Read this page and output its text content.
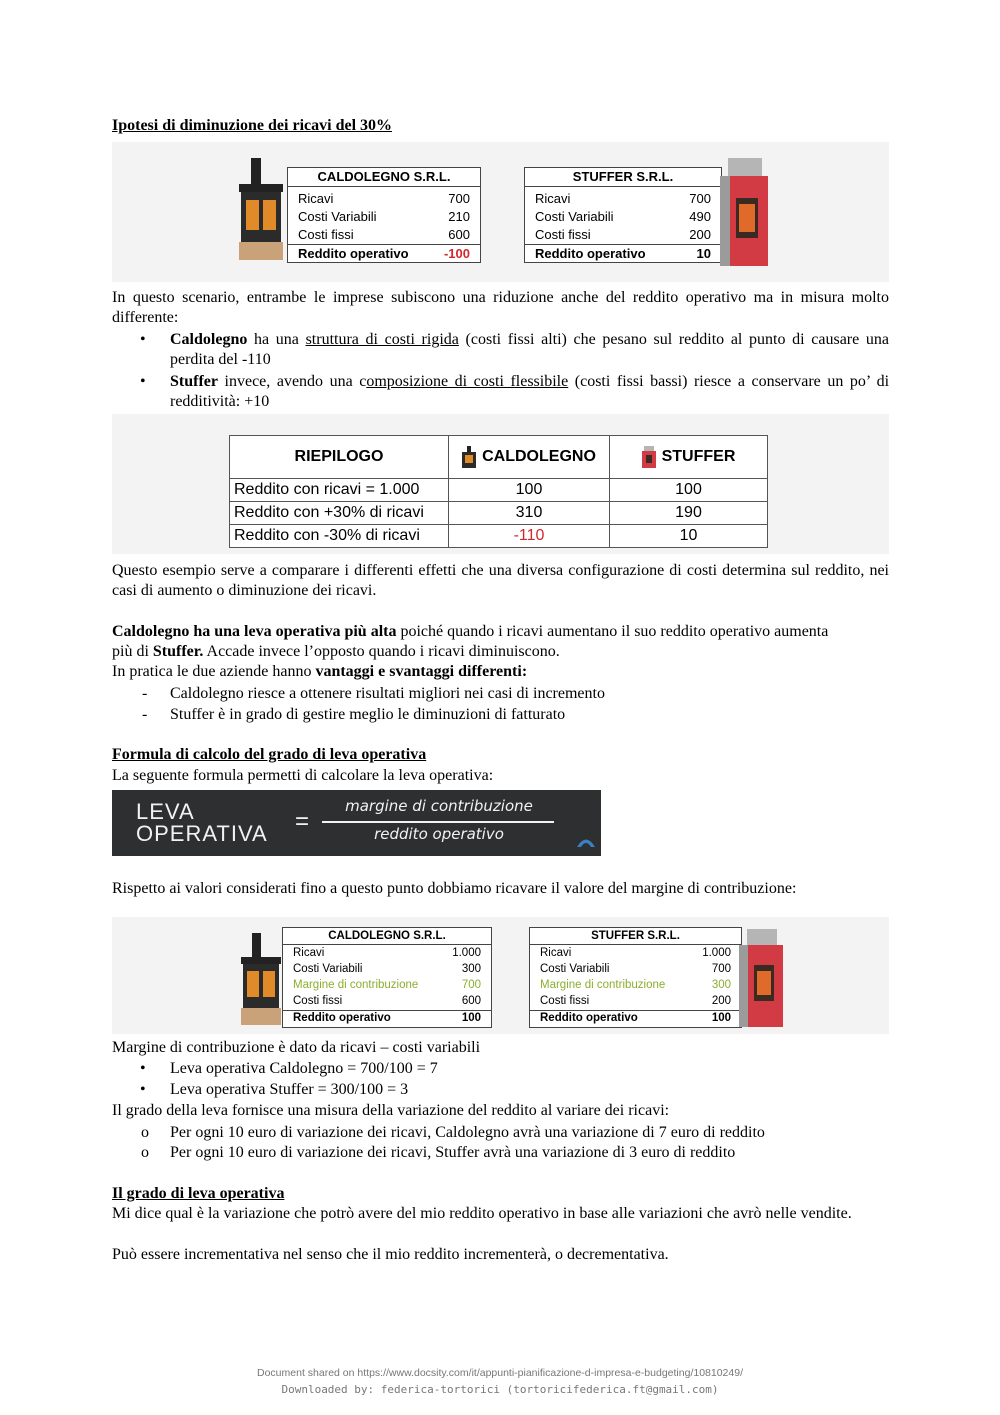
Ipotesi di diminuzione dei ricavi del 30%
CALDOLEGNO S.R.L.
Ricavi	700
Costi Variabili	210
Costi fissi	600
Reddito operativo	-100
STUFFER S.R.L.
Ricavi	700
Costi Variabili	490
Costi fissi	200
Reddito operativo	10
In questo scenario, entrambe le imprese subiscono una riduzione anche del reddito operativo ma in misura molto differente:
•	Caldolegno ha una struttura di costi rigida (costi fissi alti) che pesano sul reddito al punto di causare una perdita del -110
•	Stuffer invece, avendo una composizione di costi flessibile (costi fissi bassi) riesce a conservare un po’ di redditività: +10
RIEPILOGO	CALDOLEGNO	STUFFER
Reddito con ricavi = 1.000	100	100
Reddito con +30% di ricavi	310	190
Reddito con -30% di ricavi	-110	10
Questo esempio serve a comparare i differenti effetti che una diversa configurazione di costi determina sul reddito, nei casi di aumento o diminuzione dei ricavi.
Caldolegno ha una leva operativa più alta poiché quando i ricavi aumentano il suo reddito operativo aumenta
più di Stuffer. Accade invece l’opposto quando i ricavi diminuiscono.
In pratica le due aziende hanno vantaggi e svantaggi differenti:
-	Caldolegno riesce a ottenere risultati migliori nei casi di incremento
-	Stuffer è in grado di gestire meglio le diminuzioni di fatturato
Formula di calcolo del grado di leva operativa
La seguente formula permetti di calcolare la leva operativa:
LEVA
OPERATIVA =
margine di contribuzione
reddito operativo
Rispetto ai valori considerati fino a questo punto dobbiamo ricavare il valore del margine di contribuzione:
CALDOLEGNO S.R.L.
Ricavi	1.000
Costi Variabili	300
Margine di contribuzione	700
Costi fissi	600
Reddito operativo	100
STUFFER S.R.L.
Ricavi	1.000
Costi Variabili	700
Margine di contribuzione	300
Costi fissi	200
Reddito operativo	100
Margine di contribuzione è dato da ricavi – costi variabili
•	Leva operativa Caldolegno = 700/100 = 7
•	Leva operativa Stuffer = 300/100 = 3
Il grado della leva fornisce una misura della variazione del reddito al variare dei ricavi:
o	Per ogni 10 euro di variazione dei ricavi, Caldolegno avrà una variazione di 7 euro di reddito
o	Per ogni 10 euro di variazione dei ricavi, Stuffer avrà una variazione di 3 euro di reddito
Il grado di leva operativa
Mi dice qual è la variazione che potrò avere del mio reddito operativo in base alle variazioni che avrò nelle vendite.
Può essere incrementativa nel senso che il mio reddito incrementerà, o decrementativa.
Document shared on https://www.docsity.com/it/appunti-pianificazione-d-impresa-e-budgeting/10810249/
Downloaded by: federica-tortorici (tortoricifederica.ft@gmail.com)
